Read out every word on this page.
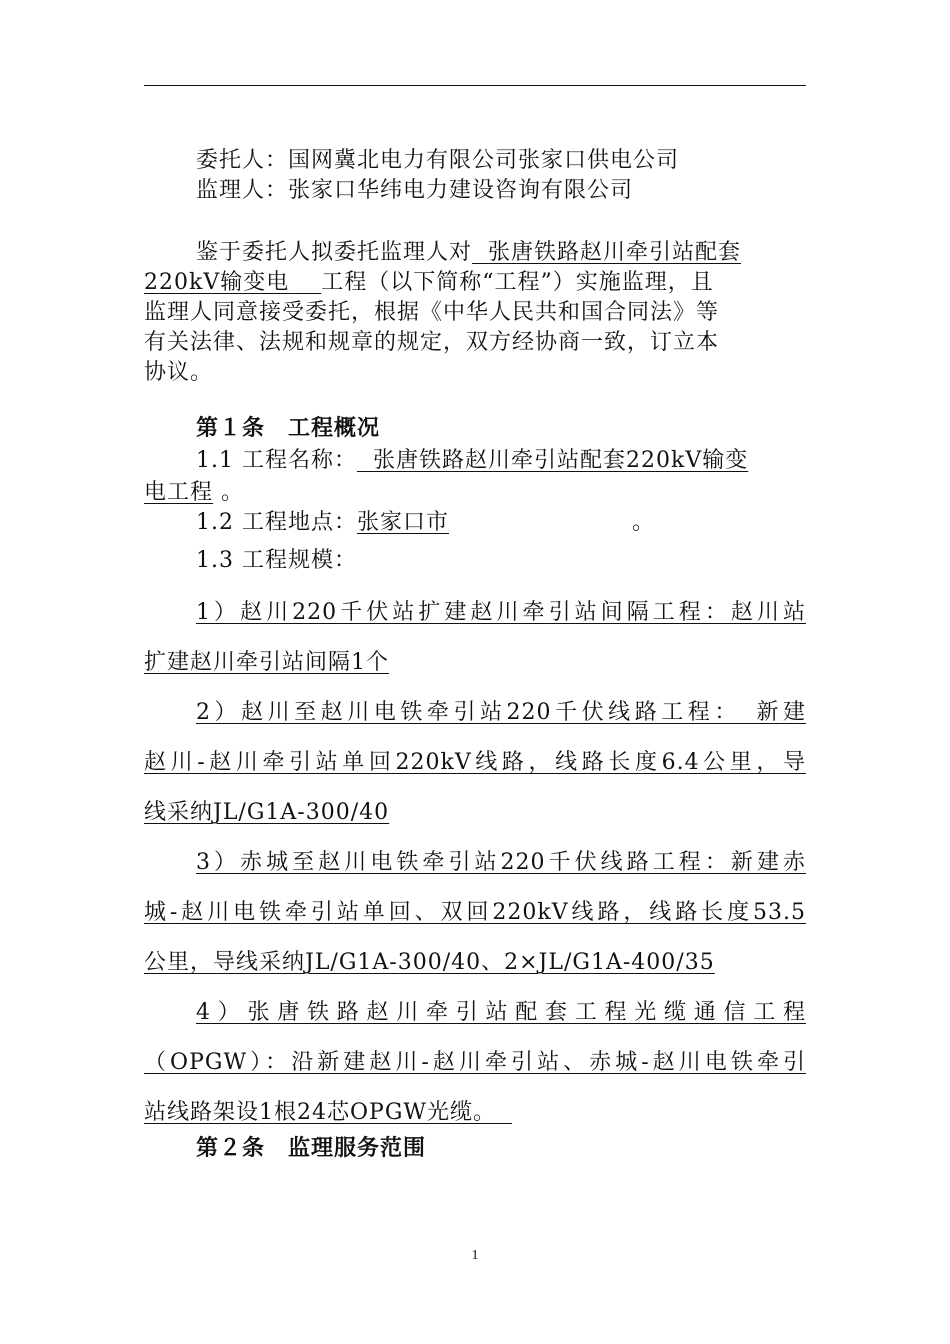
委托人：国网冀北电力有限公司张家口供电公司
监理人：张家口华纬电力建设咨询有限公司
鉴于委托人拟委托监理人对 张唐铁路赵川牵引站配套
220kV输变电 工程（以下简称“工程”）实施监理，且
监理人同意接受委托，根据《中华人民共和国合同法》等
有关法律、法规和规章的规定，双方经协商一致，订立本
协议。
第１条　工程概况
1.1 工程名称： 张唐铁路赵川牵引站配套220kV输变
电工程 。
1.2 工程地点：张家口市	。
1.3 工程规模：
1）赵川220千伏站扩建赵川牵引站间隔工程：赵川站
扩建赵川牵引站间隔1个
2）赵川至赵川电铁牵引站220千伏线路工程：　新建
赵川-赵川牵引站单回220kV线路，线路长度6.4公里，导
线采纳JL/G1A-300/40
3）赤城至赵川电铁牵引站220千伏线路工程：新建赤
城-赵川电铁牵引站单回、双回220kV线路，线路长度53.5
公里，导线采纳JL/G1A-300/40、2×JL/G1A-400/35
4）张唐铁路赵川牵引站配套工程光缆通信工程
（OPGW）：沿新建赵川-赵川牵引站、赤城-赵川电铁牵引
站线路架设1根24芯OPGW光缆。
第２条　监理服务范围
1
